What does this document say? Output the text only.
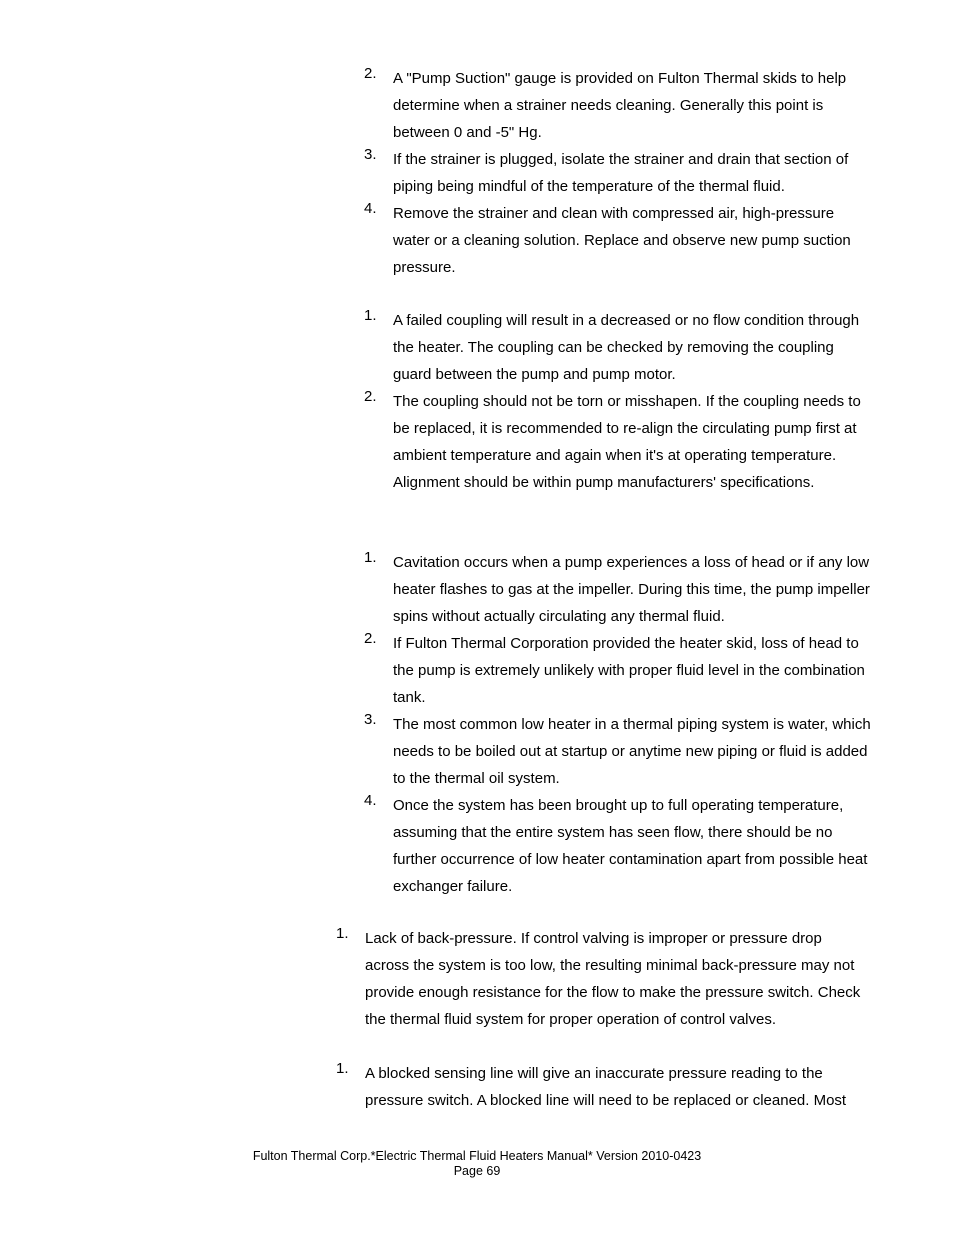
2. A "Pump Suction" gauge is provided on Fulton Thermal skids to help determine when a strainer needs cleaning. Generally this point is between 0 and -5" Hg.
3. If the strainer is plugged, isolate the strainer and drain that section of piping being mindful of the temperature of the thermal fluid.
4. Remove the strainer and clean with compressed air, high-pressure water or a cleaning solution. Replace and observe new pump suction pressure.
1. A failed coupling will result in a decreased or no flow condition through the heater. The coupling can be checked by removing the coupling guard between the pump and pump motor.
2. The coupling should not be torn or misshapen. If the coupling needs to be replaced, it is recommended to re-align the circulating pump first at ambient temperature and again when it's at operating temperature. Alignment should be within pump manufacturers' specifications.
1. Cavitation occurs when a pump experiences a loss of head or if any low heater flashes to gas at the impeller. During this time, the pump impeller spins without actually circulating any thermal fluid.
2. If Fulton Thermal Corporation provided the heater skid, loss of head to the pump is extremely unlikely with proper fluid level in the combination tank.
3. The most common low heater in a thermal piping system is water, which needs to be boiled out at startup or anytime new piping or fluid is added to the thermal oil system.
4. Once the system has been brought up to full operating temperature, assuming that the entire system has seen flow, there should be no further occurrence of low heater contamination apart from possible heat exchanger failure.
1. Lack of back-pressure. If control valving is improper or pressure drop across the system is too low, the resulting minimal back-pressure may not provide enough resistance for the flow to make the pressure switch. Check the thermal fluid system for proper operation of control valves.
1. A blocked sensing line will give an inaccurate pressure reading to the pressure switch. A blocked line will need to be replaced or cleaned. Most
Fulton Thermal Corp.*Electric Thermal Fluid Heaters Manual* Version 2010-0423
Page 69
